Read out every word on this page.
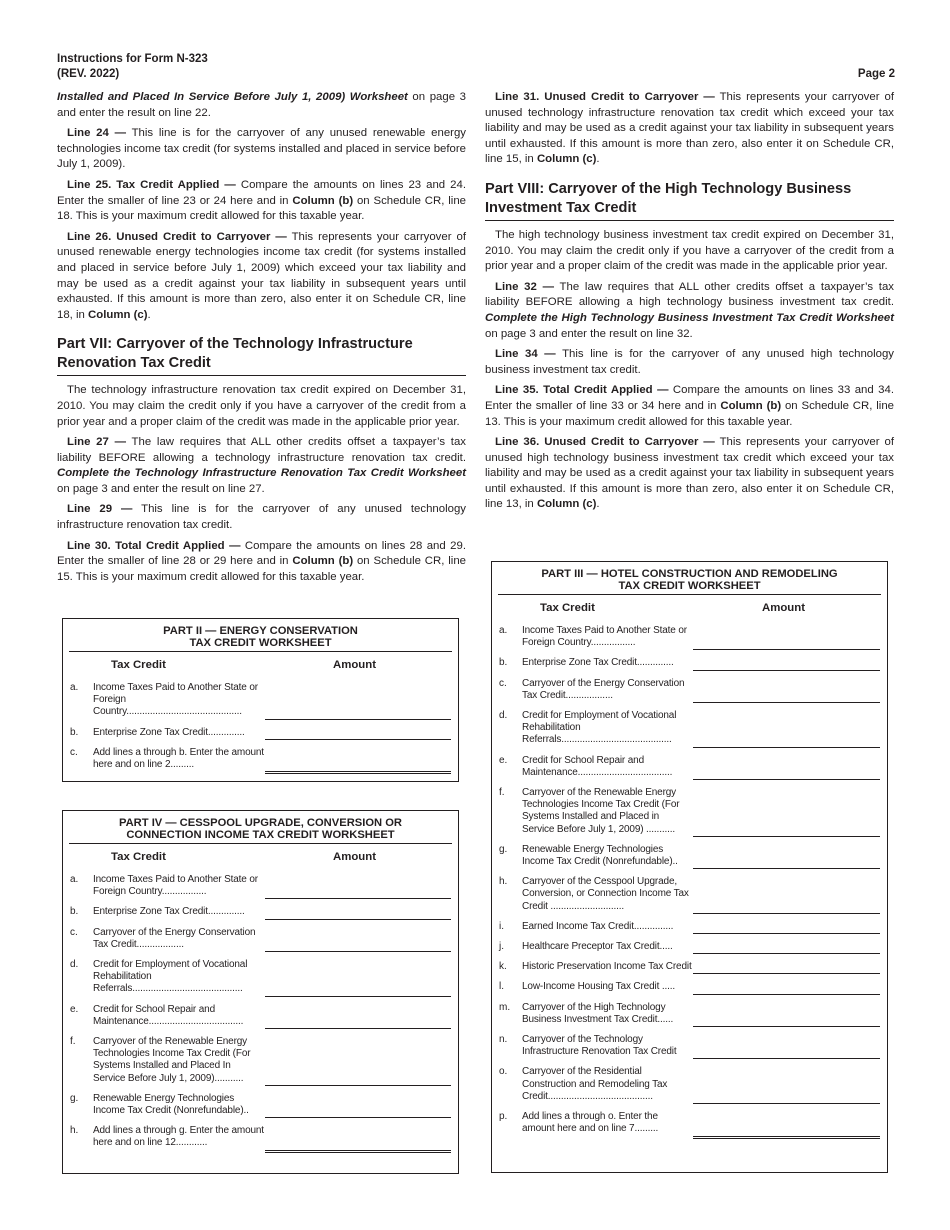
Instructions for Form N-323
(REV. 2022)	Page 2

Installed and Placed In Service Before July 1, 2009) Worksheet on page 3 and enter the result on line 22.

Line 24 — This line is for the carryover of any unused renewable energy technologies income tax credit (for systems installed and placed in service before July 1, 2009).

Line 25. Tax Credit Applied — Compare the amounts on lines 23 and 24. Enter the smaller of line 23 or 24 here and in Column (b) on Schedule CR, line 18. This is your maximum credit allowed for this taxable year.

Line 26. Unused Credit to Carryover — This represents your carryover of unused renewable energy technologies income tax credit (for systems installed and placed in service before July 1, 2009) which exceed your tax liability and may be used as a credit against your tax liability in subsequent years until exhausted. If this amount is more than zero, also enter it on Schedule CR, line 18, in Column (c).

Part VII: Carryover of the Technology Infrastructure Renovation Tax Credit

The technology infrastructure renovation tax credit expired on December 31, 2010. You may claim the credit only if you have a carryover of the credit from a prior year and a proper claim of the credit was made in the applicable prior year.

Line 27 — The law requires that ALL other credits offset a taxpayer’s tax liability BEFORE allowing a technology infrastructure renovation tax credit. Complete the Technology Infrastructure Renovation Tax Credit Worksheet on page 3 and enter the result on line 27.

Line 29 — This line is for the carryover of any unused technology infrastructure renovation tax credit.

Line 30. Total Credit Applied — Compare the amounts on lines 28 and 29. Enter the smaller of line 28 or 29 here and in Column (b) on Schedule CR, line 15. This is your maximum credit allowed for this taxable year.

Line 31. Unused Credit to Carryover — This represents your carryover of unused technology infrastructure renovation tax credit which exceed your tax liability and may be used as a credit against your tax liability in subsequent years until exhausted. If this amount is more than zero, also enter it on Schedule CR, line 15, in Column (c).

Part VIII: Carryover of the High Technology Business Investment Tax Credit

The high technology business investment tax credit expired on December 31, 2010. You may claim the credit only if you have a carryover of the credit from a prior year and a proper claim of the credit was made in the applicable prior year.

Line 32 — The law requires that ALL other credits offset a taxpayer’s tax liability BEFORE allowing a high technology business investment tax credit. Complete the High Technology Business Investment Tax Credit Worksheet on page 3 and enter the result on line 32.

Line 34 — This line is for the carryover of any unused high technology business investment tax credit.

Line 35. Total Credit Applied — Compare the amounts on lines 33 and 34. Enter the smaller of line 33 or 34 here and in Column (b) on Schedule CR, line 13. This is your maximum credit allowed for this taxable year.

Line 36. Unused Credit to Carryover — This represents your carryover of unused high technology business investment tax credit which exceed your tax liability and may be used as a credit against your tax liability in subsequent years until exhausted. If this amount is more than zero, also enter it on Schedule CR, line 13, in Column (c).

PART II — ENERGY CONSERVATION
TAX CREDIT WORKSHEET
Tax Credit	Amount
a. Income Taxes Paid to Another State or Foreign Country............................................
b. Enterprise Zone Tax Credit..............
c. Add lines a through b. Enter the amount here and on line 2.........
PART IV — CESSPOOL UPGRADE, CONVERSION OR
CONNECTION INCOME TAX CREDIT WORKSHEET
Tax Credit	Amount
a. Income Taxes Paid to Another State or Foreign Country.................
b. Enterprise Zone Tax Credit..............
c. Carryover of the Energy Conservation Tax Credit..................
d. Credit for Employment of Vocational Rehabilitation Referrals..........................................
e. Credit for School Repair and Maintenance....................................
f. Carryover of the Renewable Energy Technologies Income Tax Credit (For Systems Installed and Placed In Service Before July 1, 2009)...........
g. Renewable Energy Technologies Income Tax Credit (Nonrefundable)..
h. Add lines a through g. Enter the amount here and on line 12............
PART III — HOTEL CONSTRUCTION AND REMODELING
TAX CREDIT WORKSHEET
Tax Credit	Amount
a. Income Taxes Paid to Another State or Foreign Country.................
b. Enterprise Zone Tax Credit..............
c. Carryover of the Energy Conservation Tax Credit..................
d. Credit for Employment of Vocational Rehabilitation Referrals..........................................
e. Credit for School Repair and Maintenance....................................
f. Carryover of the Renewable Energy Technologies Income Tax Credit (For Systems Installed and Placed in Service Before July 1, 2009) ...........
g. Renewable Energy Technologies Income Tax Credit (Nonrefundable)..
h. Carryover of the Cesspool Upgrade, Conversion, or Connection Income Tax Credit ............................
i. Earned Income Tax Credit...............
j. Healthcare Preceptor Tax Credit.....
k. Historic Preservation Income Tax Credit
l. Low-Income Housing Tax Credit .....
m. Carryover of the High Technology Business Investment Tax Credit......
n. Carryover of the Technology Infrastructure Renovation Tax Credit
o. Carryover of the Residential Construction and Remodeling Tax Credit........................................
p. Add lines a through o. Enter the amount here and on line 7.........
